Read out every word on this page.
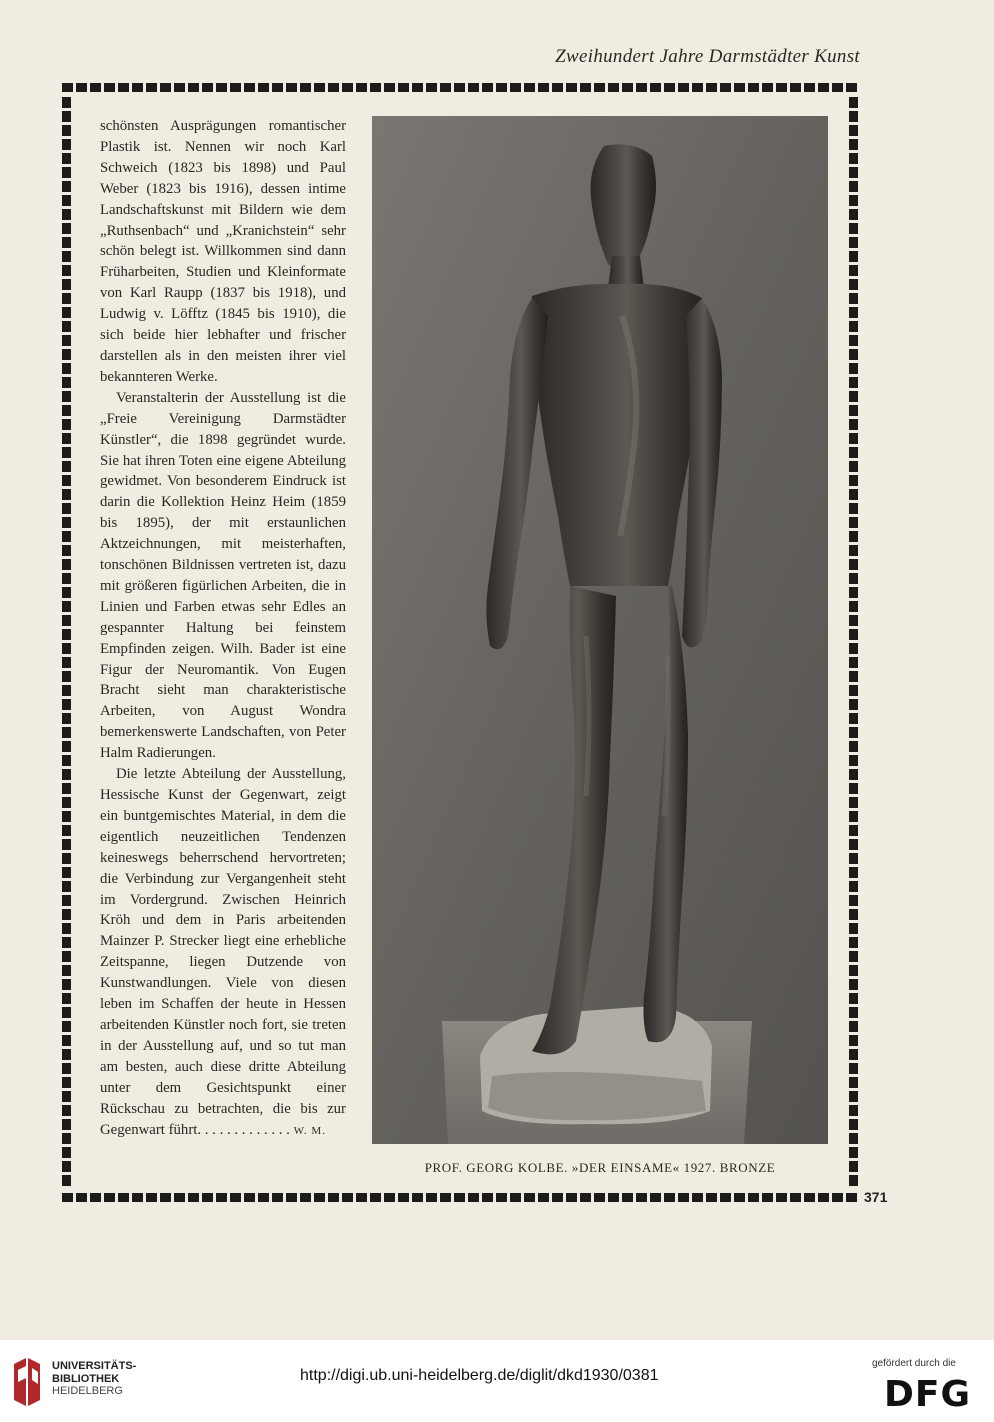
Zweihundert Jahre Darmstädter Kunst
371

schönsten Ausprägungen romantischer Plastik ist. Nennen wir noch Karl Schweich (1823 bis 1898) und Paul Weber (1823 bis 1916), dessen intime Landschaftskunst mit Bildern wie dem „Ruthsenbach“ und „Kranichstein“ sehr schön belegt ist. Willkommen sind dann Früharbeiten, Studien und Kleinformate von Karl Raupp (1837 bis 1918), und Ludwig v. Löfftz (1845 bis 1910), die sich beide hier lebhafter und frischer darstellen als in den meisten ihrer viel bekannteren Werke.

Veranstalterin der Ausstellung ist die „Freie Vereinigung Darmstädter Künstler“, die 1898 gegründet wurde. Sie hat ihren Toten eine eigene Abteilung gewidmet. Von besonderem Eindruck ist darin die Kollektion Heinz Heim (1859 bis 1895), der mit erstaunlichen Aktzeichnungen, mit meisterhaften, tonschönen Bildnissen vertreten ist, dazu mit größeren figürlichen Arbeiten, die in Linien und Farben etwas sehr Edles an gespannter Haltung bei feinstem Empfinden zeigen. Wilh. Bader ist eine Figur der Neuromantik. Von Eugen Bracht sieht man charakteristische Arbeiten, von August Wondra bemerkenswerte Landschaften, von Peter Halm Radierungen.

Die letzte Abteilung der Ausstellung, Hessische Kunst der Gegenwart, zeigt ein buntgemischtes Material, in dem die eigentlich neuzeitlichen Tendenzen keineswegs beherrschend hervortreten; die Verbindung zur Vergangenheit steht im Vordergrund. Zwischen Heinrich Kröh und dem in Paris arbeitenden Mainzer P. Strecker liegt eine erhebliche Zeitspanne, liegen Dutzende von Kunstwandlungen. Viele von diesen leben im Schaffen der heute in Hessen arbeitenden Künstler noch fort, sie treten in der Ausstellung auf, und so tut man am besten, auch diese dritte Abteilung unter dem Gesichtspunkt einer Rückschau zu betrachten, die bis zur Gegenwart führt. . . . . . . . . . . . . W. M.

PROF. GEORG KOLBE. »DER EINSAME« 1927. BRONZE
UNIVERSITÄTS-
BIBLIOTHEK
HEIDELBERG
http://digi.ub.uni-heidelberg.de/diglit/dkd1930/0381
gefördert durch die
DFG
